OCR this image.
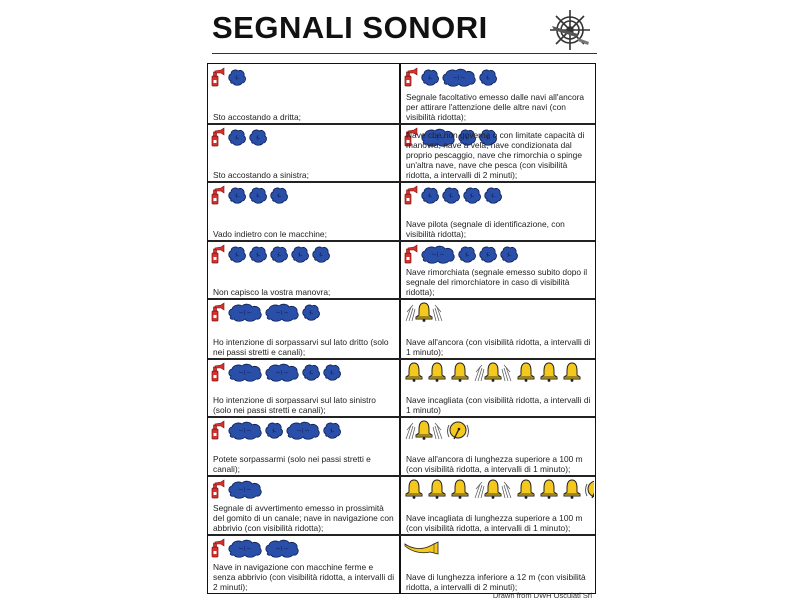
SEGNALI SONORI
Sto accostando a dritta;
Sto accostando a sinistra;
Vado indietro con le macchine;
Non capisco la vostra manovra;
Ho intenzione di sorpassarvi sul lato dritto (solo nei passi stretti e canali);
Ho intenzione di sorpassarvi sul lato sinistro (solo nei passi stretti e canali);
Potete sorpassarmi (solo nei passi stretti e canali);
Segnale di avvertimento emesso in prossimità del gomito di un canale; nave in navigazione con abbrivio (con visibilità ridotta);
Nave in navigazione con macchine ferme e senza abbrivio (con visibilità ridotta, a intervalli di 2 minuti);
Segnale facoltativo emesso dalle navi all'ancora per attirare l'attenzione delle altre navi (con visibilità ridotta);
Nave che non governa o con limitate capacità di manovra, nave a vela, nave condizionata dal proprio pescaggio, nave che rimorchia o spinge un'altra nave, nave che pesca (con visibilità ridotta, a intervalli di 2 minuti);
Nave pilota (segnale di identificazione, con visibilità ridotta);
Nave rimorchiata (segnale emesso subito dopo il segnale del rimorchiatore in caso di visibilità ridotta);
Nave all'ancora (con visibilità ridotta, a intervalli di 1 minuto);
Nave incagliata (con visibilità ridotta, a intervalli di 1 minuto)
Nave all'ancora di lunghezza superiore a 100 m (con visibilità ridotta, a intervalli di 1 minuto);
Nave incagliata di lunghezza superiore a 100 m (con visibilità ridotta, a intervalli di 1 minuto);
Nave di lunghezza inferiore a 12 m (con visibilità ridotta, a intervalli di 2 minuti);
Drawn from DWH Osculati Srl
